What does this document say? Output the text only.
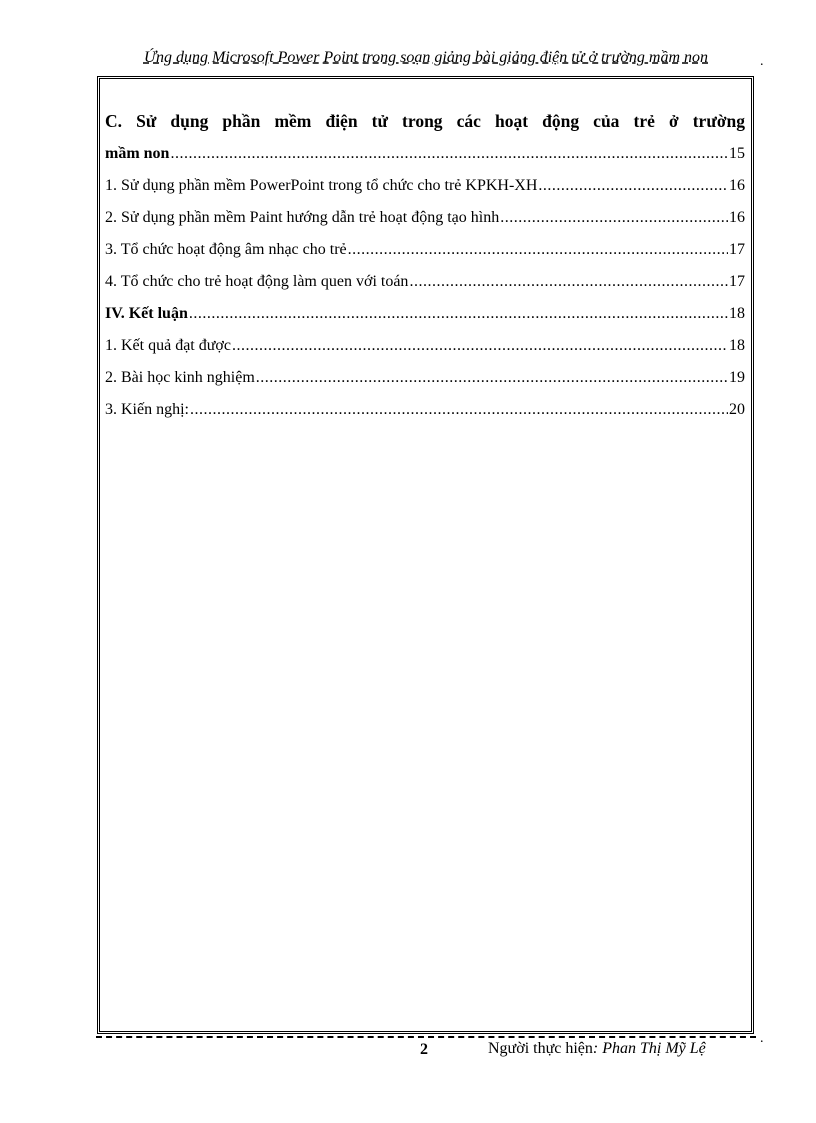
Ứng dụng Microsoft Power Point trong soạn giảng bài giảng điện tử ở trường mầm non	.
C. Sử dụng phần mềm điện tử trong các hoạt động của trẻ ở trường
mầm non .....	15
1. Sử dụng phần mềm PowerPoint trong tổ chức cho trẻ KPKH-XH .....	16
2. Sử dụng phần mềm Paint hướng dẫn trẻ hoạt động tạo hình .....	16
3. Tổ chức hoạt động âm nhạc cho trẻ .....	17
4. Tổ chức cho trẻ hoạt động làm quen với toán .....	17
IV. Kết luận .....	18
1. Kết quả đạt được .....	18
2. Bài học kinh nghiệm .....	19
3. Kiến nghị: .....	20
.
2	Người thực hiện: Phan Thị Mỹ Lệ
